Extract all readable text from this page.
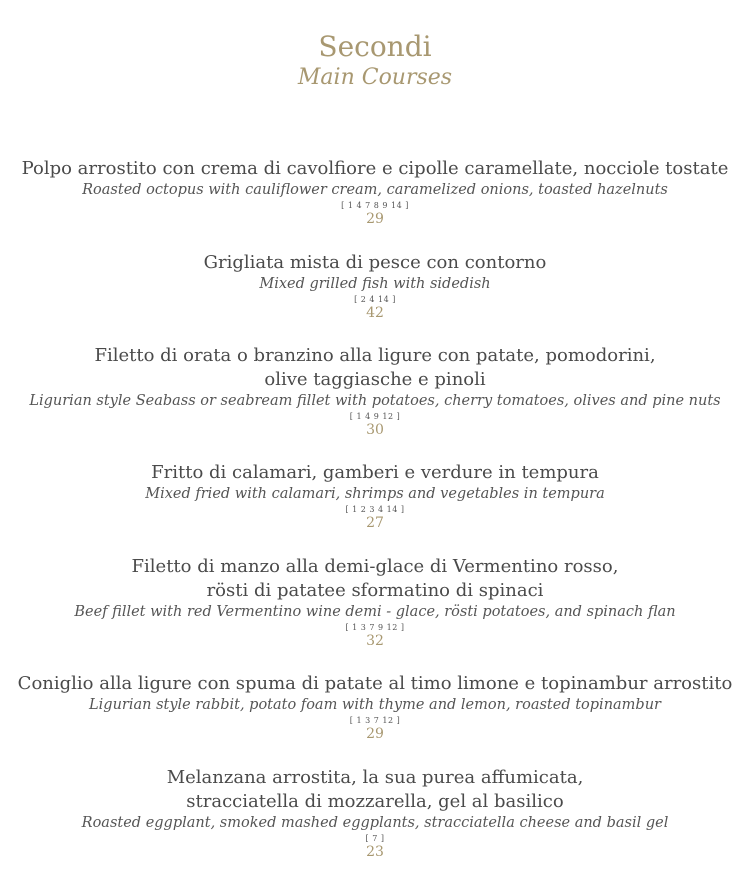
Secondi
Main Courses
Polpo arrostito con crema di cavolfiore e cipolle caramellate, nocciole tostate
Roasted octopus with cauliflower cream, caramelized onions, toasted hazelnuts
[ 1 4 7 8 9 14 ]
29
Grigliata mista di pesce con contorno
Mixed grilled fish with sidedish
[ 2 4 14 ]
42
Filetto di orata o branzino alla ligure con patate, pomodorini,
olive taggiasche e pinoli
Ligurian style Seabass or seabream fillet with potatoes, cherry tomatoes, olives and pine nuts
[ 1 4 9 12 ]
30
Fritto di calamari, gamberi e verdure in tempura
Mixed fried with calamari, shrimps and vegetables in tempura
[ 1 2 3 4 14 ]
27
Filetto di manzo alla demi-glace di Vermentino rosso,
rösti di patatee sformatino di spinaci
Beef fillet with red Vermentino wine demi - glace, rösti potatoes, and spinach flan
[ 1 3 7 9 12 ]
32
Coniglio alla ligure con spuma di patate al timo limone e topinambur arrostito
Ligurian style rabbit, potato foam with thyme and lemon, roasted topinambur
[ 1 3 7 12 ]
29
Melanzana arrostita, la sua purea affumicata,
stracciatella di mozzarella, gel al basilico
Roasted eggplant, smoked mashed eggplants, stracciatella cheese and basil gel
[ 7 ]
23
